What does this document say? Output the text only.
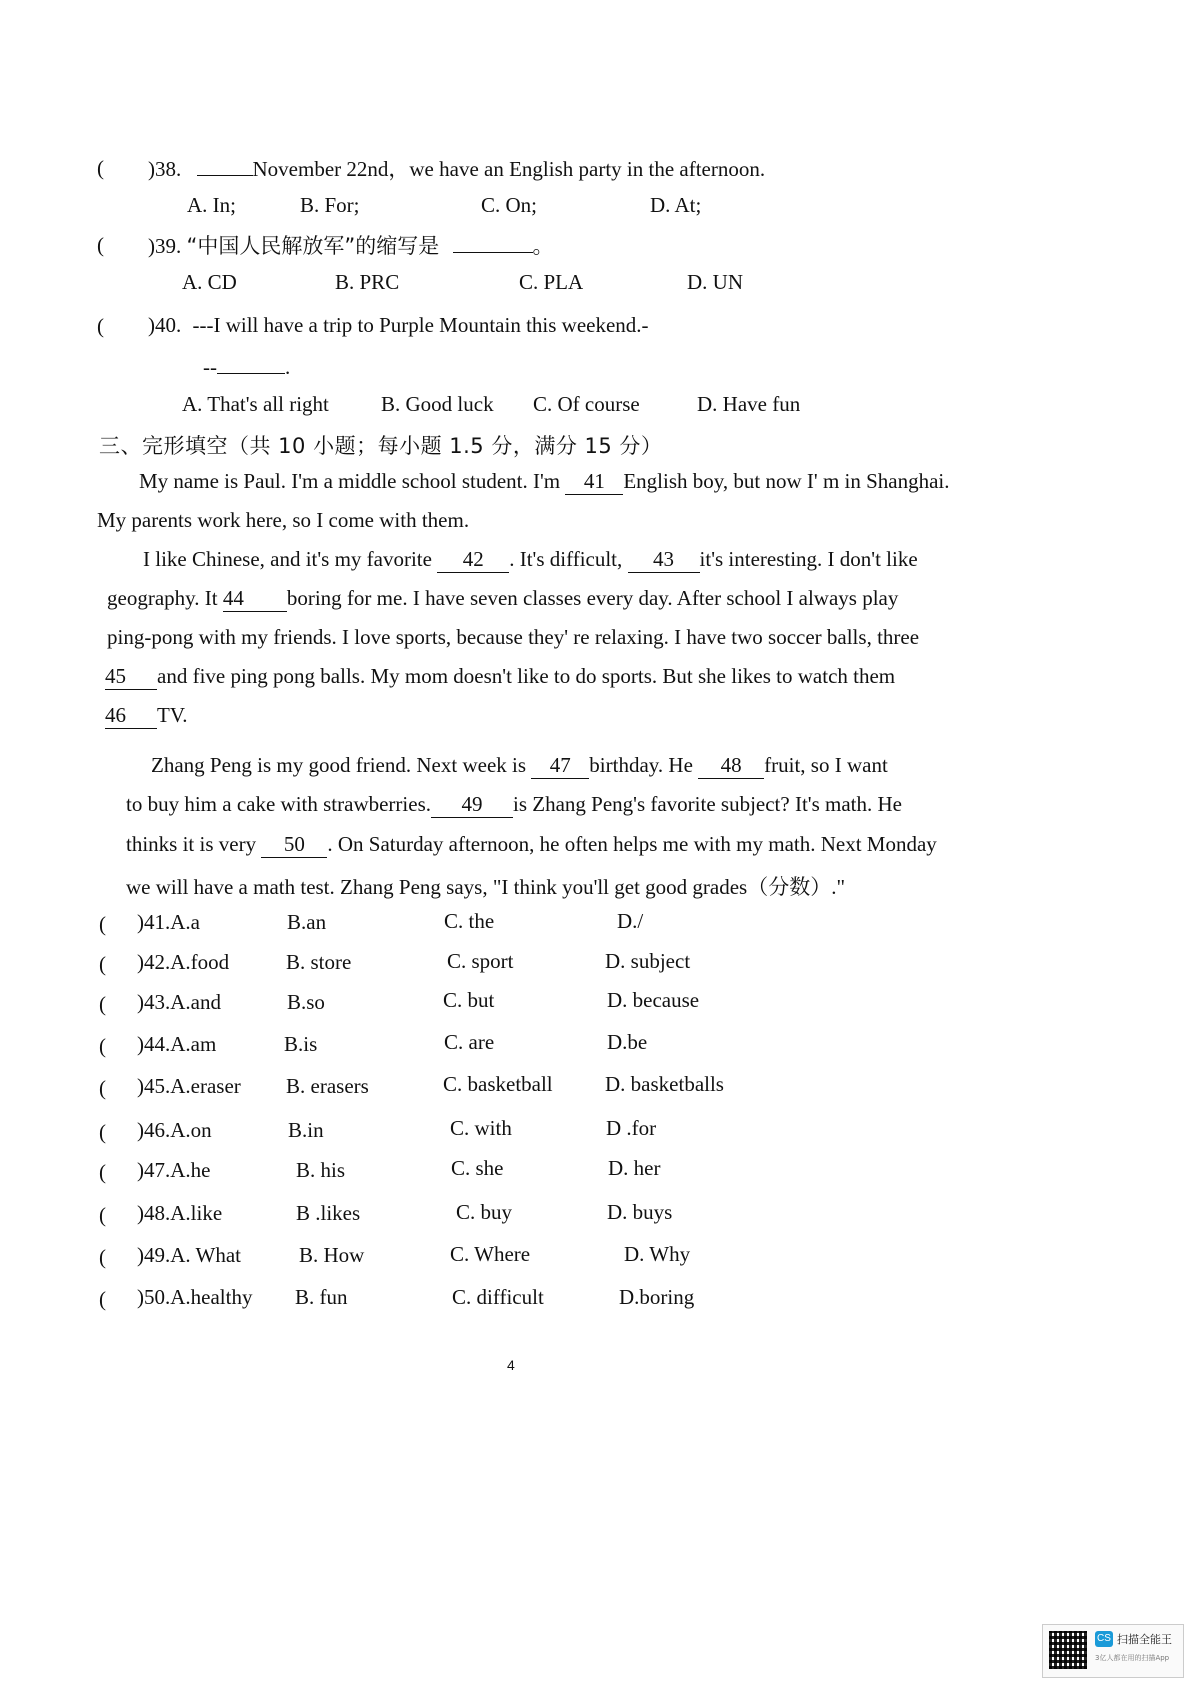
( )38.	November 22nd，we have an English party in the afternoon.
A. In;	B. For;	C. On;	D. At;
( )39. “中国人民解放军”的缩写是	。
A. CD	B. PRC	C. PLA	D. UN
( )40. ---I will have a trip to Purple Mountain this weekend.-
--	.
A. That's all right B. Good luck C. Of course	D. Have fun
三、完形填空（共 10 小题；每小题 1.5 分，满分 15 分）
My name is Paul. I'm a middle school student. I'm 41 English boy, but now I' m in Shanghai.
My parents work here, so I come with them.
I like Chinese, and it's my favorite 42 . It's difficult, 43 it's interesting. I don't like
geography. It 44 boring for me. I have seven classes every day. After school I always play
ping-pong with my friends. I love sports, because they' re relaxing. I have two soccer balls, three
45 and five ping pong balls. My mom doesn't like to do sports. But she likes to watch them
46 TV.
Zhang Peng is my good friend. Next week is 47 birthday. He 48 fruit, so I want
to buy him a cake with strawberries. 49 is Zhang Peng's favorite subject? It's math. He
thinks it is very 50 . On Saturday afternoon, he often helps me with my math. Next Monday
we will have a math test. Zhang Peng says, "I think you'll get good grades（分数）."
( )41.A.a	B.an	C. the	D./
( )42.A.food	B. store	C. sport	D. subject
( )43.A.and	B.so	C. but	D. because
( )44.A.am	B.is	C. are	D.be
( )45.A.eraser B. erasers	C. basketball D. basketballs
( )46.A.on	B.in	C. with	D .for
( )47.A.he	B. his	C. she	D. her
( )48.A.like	B .likes	C. buy	D. buys
( )49.A. What	B. How	C. Where	D. Why
( )50.A.healthy B. fun	C. difficult	D.boring
4
CS 扫描全能王
3亿人都在用的扫描App
